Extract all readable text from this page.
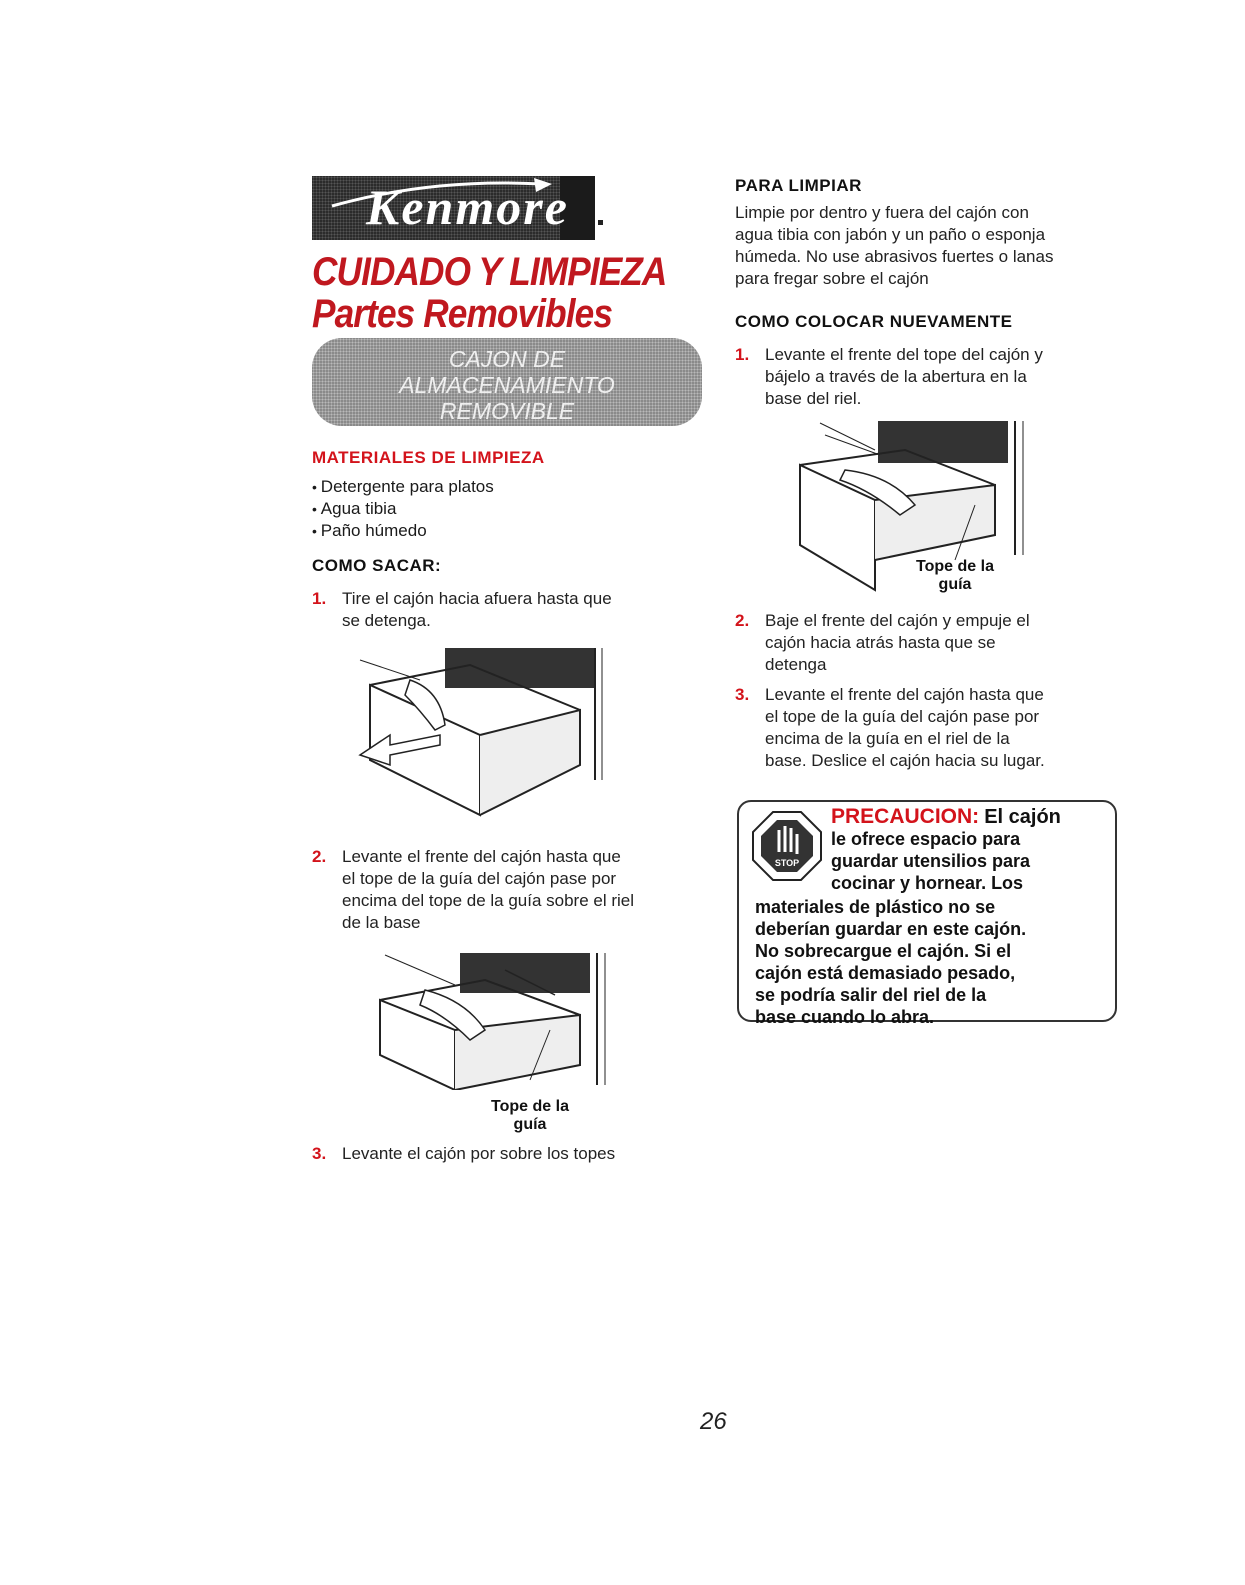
Kenmore
CUIDADO Y LIMPIEZA
Partes Removibles
CAJON DE
ALMACENAMIENTO
REMOVIBLE
MATERIALES DE LIMPIEZA
• Detergente para platos
• Agua tibia
• Paño húmedo
COMO SACAR:
1. Tire el cajón hacia afuera hasta que
se detenga.
2. Levante el frente del cajón hasta que
el tope de la guía del cajón pase por
encima del tope de la guía sobre el riel
de la base
Tope de la
guía
3. Levante el cajón por sobre los topes
PARA LIMPIAR
Limpie por dentro y fuera del cajón con
agua tibia con jabón y un paño o esponja
húmeda. No use abrasivos fuertes o lanas
para fregar sobre el cajón
COMO COLOCAR NUEVAMENTE
1. Levante el frente del tope del cajón y
bájelo a través de la abertura en la
base del riel.
Tope de la
guía
2. Baje el frente del cajón y empuje el
cajón hacia atrás hasta que se
detenga
3. Levante el frente del cajón hasta que
el tope de la guía del cajón pase por
encima de la guía en el riel de la
base. Deslice el cajón hacia su lugar.
STOP
PRECAUCION: El cajón
le ofrece espacio para
guardar utensilios para
cocinar y hornear. Los
materiales de plástico no se
deberían guardar en este cajón.
No sobrecargue el cajón. Si el
cajón está demasiado pesado,
se podría salir del riel de la
base cuando lo abra.
26
